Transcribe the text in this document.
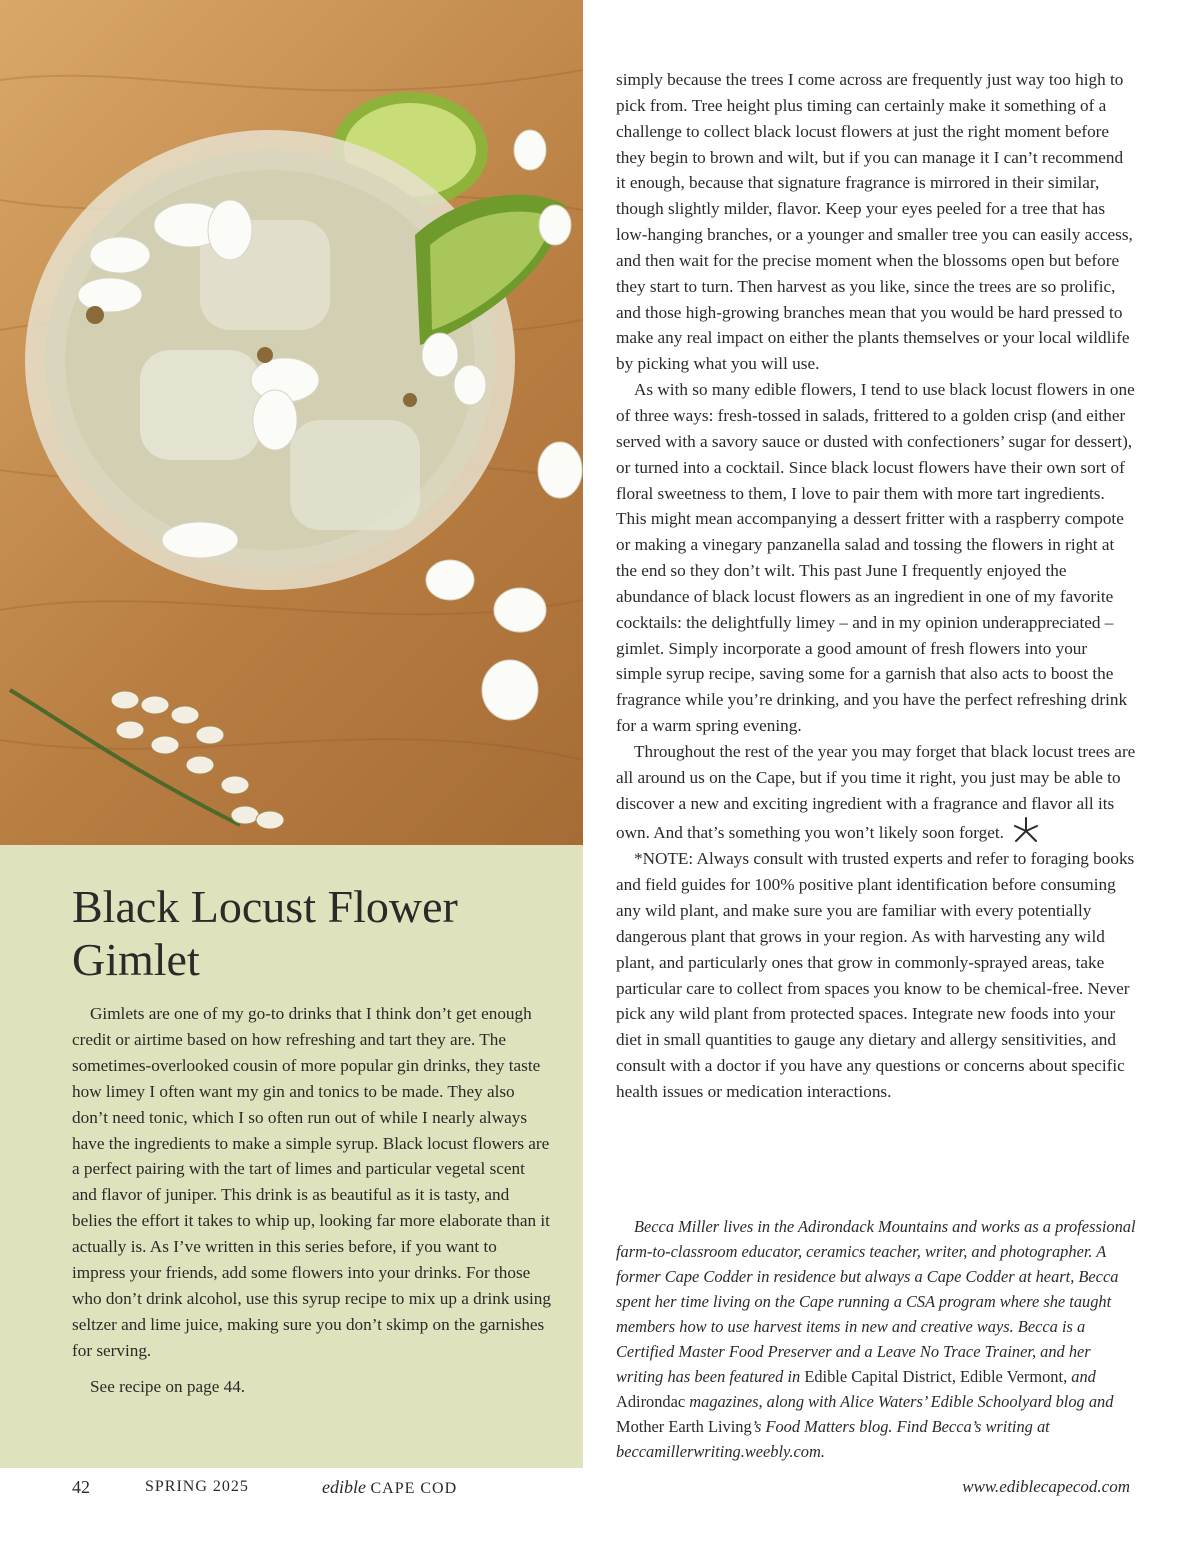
Black Locust Flower Gimlet

Gimlets are one of my go-to drinks that I think don’t get enough credit or airtime based on how refreshing and tart they are. The sometimes-overlooked cousin of more popular gin drinks, they taste how limey I often want my gin and tonics to be made. They also don’t need tonic, which I so often run out of while I nearly always have the ingredients to make a simple syrup. Black locust flowers are a perfect pairing with the tart of limes and particular vegetal scent and flavor of juniper. This drink is as beautiful as it is tasty, and belies the effort it takes to whip up, looking far more elaborate than it actually is. As I’ve written in this series before, if you want to impress your friends, add some flowers into your drinks. For those who don’t drink alcohol, use this syrup recipe to mix up a drink using seltzer and lime juice, making sure you don’t skimp on the garnishes for serving.

See recipe on page 44.

simply because the trees I come across are frequently just way too high to pick from. Tree height plus timing can certainly make it something of a challenge to collect black locust flowers at just the right moment before they begin to brown and wilt, but if you can manage it I can’t recommend it enough, because that signature fragrance is mirrored in their similar, though slightly milder, flavor. Keep your eyes peeled for a tree that has low-hanging branches, or a younger and smaller tree you can easily access, and then wait for the precise moment when the blossoms open but before they start to turn. Then harvest as you like, since the trees are so prolific, and those high-growing branches mean that you would be hard pressed to make any real impact on either the plants themselves or your local wildlife by picking what you will use.

As with so many edible flowers, I tend to use black locust flowers in one of three ways: fresh-tossed in salads, frittered to a golden crisp (and either served with a savory sauce or dusted with confectioners’ sugar for dessert), or turned into a cocktail. Since black locust flowers have their own sort of floral sweetness to them, I love to pair them with more tart ingredients. This might mean accompanying a dessert fritter with a raspberry compote or making a vinegary panzanella salad and tossing the flowers in right at the end so they don’t wilt. This past June I frequently enjoyed the abundance of black locust flowers as an ingredient in one of my favorite cocktails: the delightfully limey – and in my opinion underappreciated – gimlet. Simply incorporate a good amount of fresh flowers into your simple syrup recipe, saving some for a garnish that also acts to boost the fragrance while you’re drinking, and you have the perfect refreshing drink for a warm spring evening.

Throughout the rest of the year you may forget that black locust trees are all around us on the Cape, but if you time it right, you just may be able to discover a new and exciting ingredient with a fragrance and flavor all its own. And that’s something you won’t likely soon forget.

*NOTE: Always consult with trusted experts and refer to foraging books and field guides for 100% positive plant identification before consuming any wild plant, and make sure you are familiar with every potentially dangerous plant that grows in your region. As with harvesting any wild plant, and particularly ones that grow in commonly-sprayed areas, take particular care to collect from spaces you know to be chemical-free. Never pick any wild plant from protected spaces. Integrate new foods into your diet in small quantities to gauge any dietary and allergy sensitivities, and consult with a doctor if you have any questions or concerns about specific health issues or medication interactions.

Becca Miller lives in the Adirondack Mountains and works as a professional farm-to-classroom educator, ceramics teacher, writer, and photographer. A former Cape Codder in residence but always a Cape Codder at heart, Becca spent her time living on the Cape running a CSA program where she taught members how to use harvest items in new and creative ways. Becca is a Certified Master Food Preserver and a Leave No Trace Trainer, and her writing has been featured in Edible Capital District, Edible Vermont, and Adirondac magazines, along with Alice Waters’ Edible Schoolyard blog and Mother Earth Living’s Food Matters blog. Find Becca’s writing at beccamillerwriting.weebly.com.

42	SPRING 2025	edible CAPE COD	www.ediblecapecod.com
